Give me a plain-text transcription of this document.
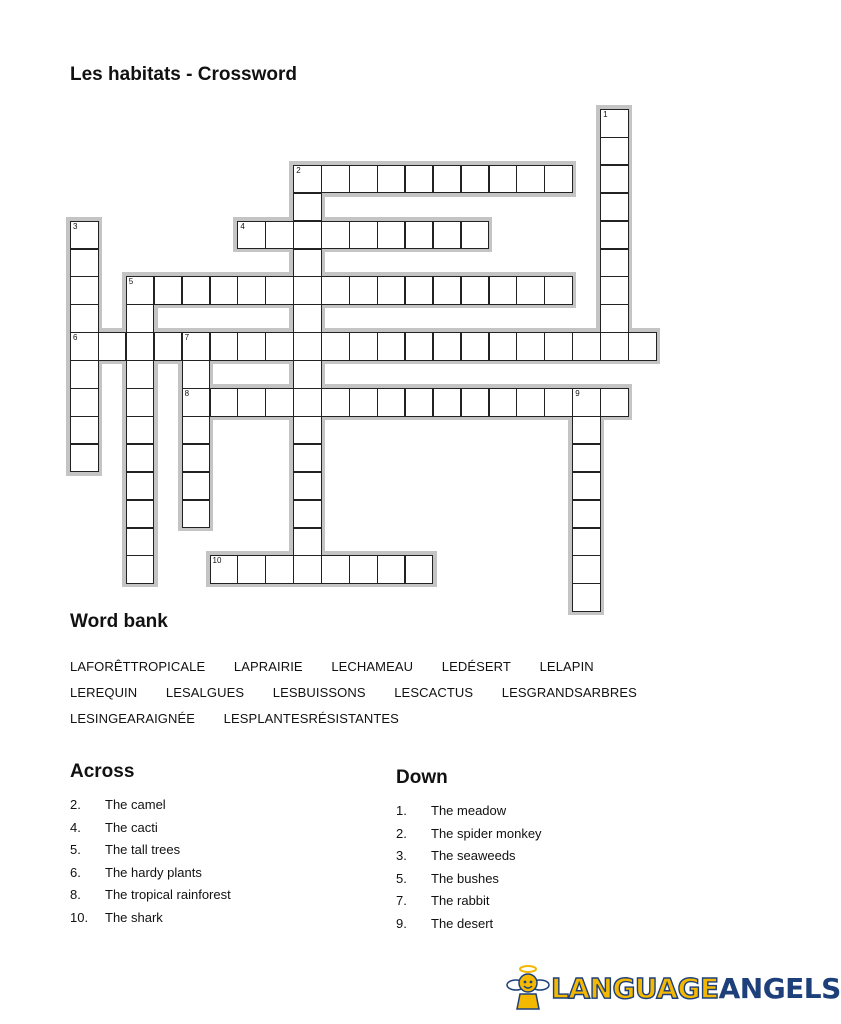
Les habitats - Crossword
1
2
3
6
5
7
8	9
4
10
Word bank
LAFORÊTTROPICALE LAPRAIRIE LECHAMEAU LEDÉSERT LELAPIN LEREQUIN LESALGUES LESBUISSONS LESCACTUS LESGRANDSARBRES LESINGEARAIGNÉE LESPLANTESRÉSISTANTES
Across
2. The camel
4. The cacti
5. The tall trees
6. The hardy plants
8. The tropical rainforest
10. The shark
Down
1. The meadow
2. The spider monkey
3. The seaweeds
5. The bushes
7. The rabbit
9. The desert
LANGUAGEANGELS
